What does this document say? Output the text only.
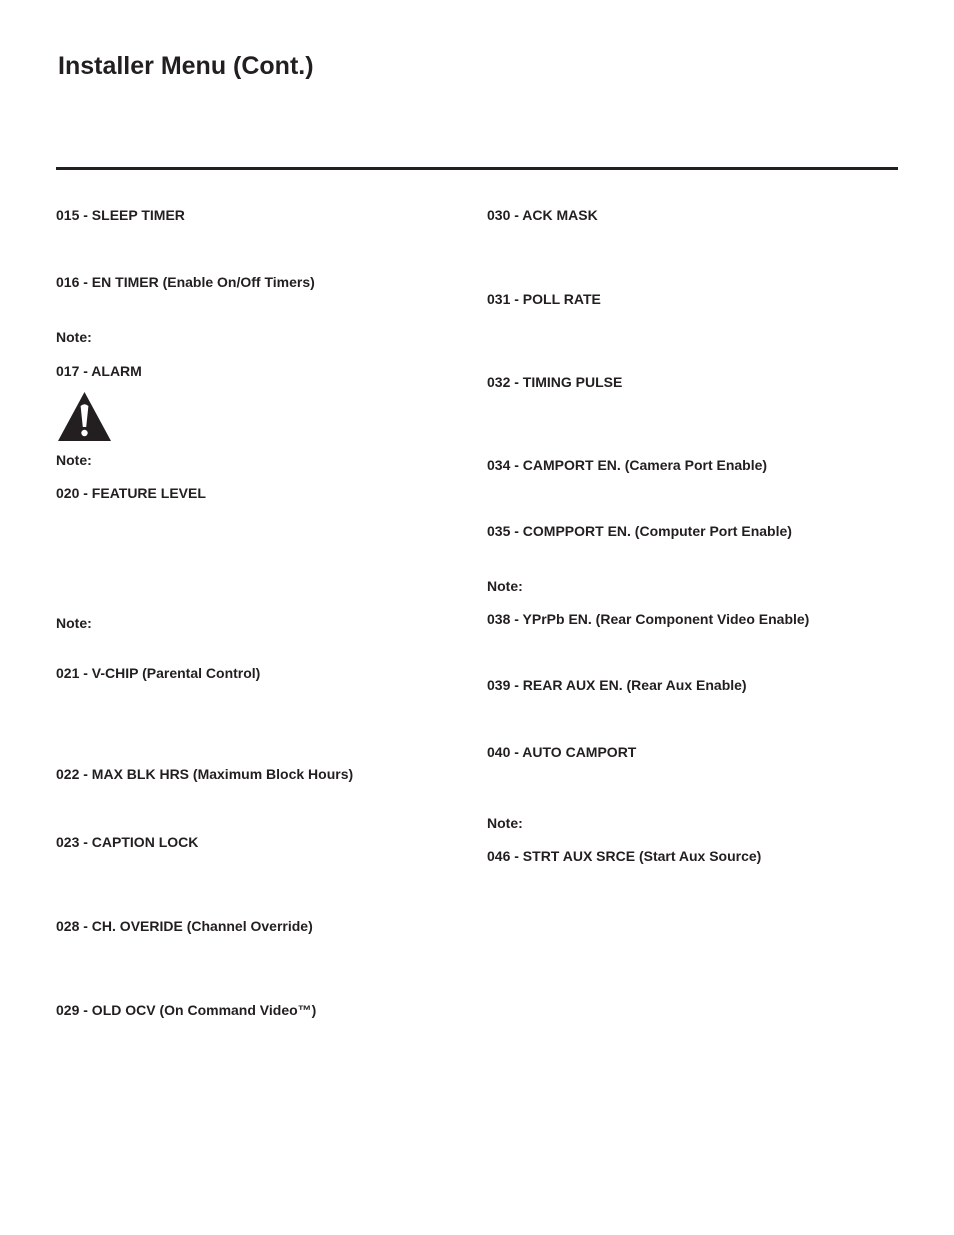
Installer Menu (Cont.)
015 - SLEEP TIMER
016 - EN TIMER (Enable On/Off Timers)
Note:
017 - ALARM
Note:
020 - FEATURE LEVEL
Note:
021 - V-CHIP (Parental Control)
022 - MAX BLK HRS (Maximum Block Hours)
023 - CAPTION LOCK
028 - CH. OVERIDE (Channel Override)
029 - OLD OCV (On Command Video™)
030 - ACK MASK
031 - POLL RATE
032 - TIMING PULSE
034 - CAMPORT EN. (Camera Port Enable)
035 - COMPPORT EN. (Computer Port Enable)
Note:
038 - YPrPb EN. (Rear Component Video Enable)
039 - REAR AUX EN. (Rear Aux Enable)
040 - AUTO CAMPORT
Note:
046 - STRT AUX SRCE (Start Aux Source)
